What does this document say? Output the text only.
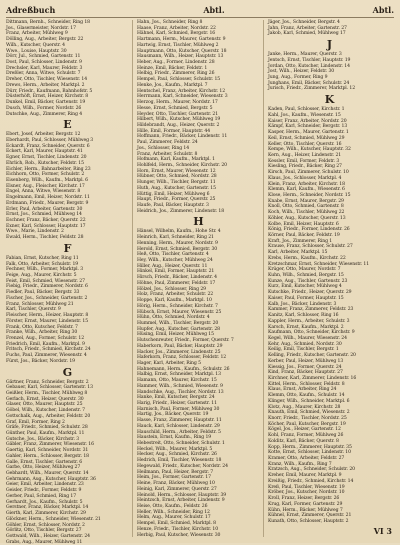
Adreßbuch	Abtl.	Abtl.
Dittmann, Bernh., Schneider, Ring 18
Jos., Glasermeister, Nordstr. 17
Franz, Arbeiter, Mühlweg 9
Dölling, Aug., Arbeiter, Bergstr. 22
Wilh., Kutscher, Querstr. 4
Wwe., Louise, Hauptstr. 30
Dörr, Jul., Schmied, Gartenstr. 11
Dost, Paul, Schlosser, Lindenstr. 9
Drechsler, Karl, Maurer, Feldstr. 3
Dreßler, Anna, Witwe, Schulstr. 7
Dreher, Otto, Tischler, Wiesenstr. 14
Drews, Herm., Arbeiter, Marktpl. 2
Dürr, Friedr., Kaufmann, Bahnhofstr. 5
Düsterhöft, Ernst, Heizer, Kirchstr. 8
Dunkel, Emil, Bäcker, Gartenstr. 19
Dusch, Wilh., Former, Nordstr. 26
Dutschke, Aug., Zimmerer, Ring 4
E
Ebert, Josef, Arbeiter, Bergstr. 12
Eberhardt, Paul, Schlosser, Mühlweg 3
Eckardt, Franz, Schneider, Querstr. 6
Eckert, Karl, Maurer, Hauptstr. 41
Egner, Ernst, Tischler, Lindenstr. 20
Ehrlich, Rob., Kutscher, Feldstr. 15
Eichler, Herm., Bahnarbeiter, Ring 23
Eichhorn, Otto, Former, Schulstr. 2
Eisenberg, Wilh., Kaufm., Marktpl. 6
Elsner, Aug., Fleischer, Kirchstr. 17
Engel, Anna, Witwe, Wiesenstr. 8
Engelmann, Emil, Heizer, Nordstr. 11
Erdmann, Friedr., Maurer, Bergstr. 9
Erler, Paul, Arbeiter, Gartenstr. 30
Ernst, Jos., Schmied, Mühlweg 14
Eschner, Franz, Bäcker, Querstr. 22
Exner, Karl, Schlosser, Hauptstr. 17
Wwe., Marie, Lindenstr. 2
Ewald, Herm., Tischler, Feldstr. 28
F
Fabian, Ernst, Kutscher, Ring 11
Falk, Otto, Arbeiter, Schulstr. 19
Fechner, Wilh., Former, Marktpl. 3
Feige, Aug., Maurer, Kirchstr. 5
Feist, Emil, Schmied, Wiesenstr. 27
Fiebig, Friedr., Zimmerer, Nordstr. 6
Fiedler, Paul, Bäcker, Bergstr. 33
Fischer, Jos., Schneider, Gartenstr. 2
Franz, Schlosser, Mühlweg 21
Karl, Tischler, Querstr. 9
Fleischer, Herm., Heizer, Hauptstr. 8
Förster, Ernst, Maurer, Lindenstr. 15
Frank, Otto, Kutscher, Feldstr. 7
Franke, Wilh., Arbeiter, Ring 30
Frenzel, Aug., Former, Schulstr. 12
Friedrich, Emil, Kaufm., Marktpl. 9
Fritsch, Friedr., Schmied, Kirchstr. 24
Fuchs, Paul, Zimmerer, Wiesenstr. 4
Fürst, Jos., Bäcker, Nordstr. 19
G
Gärtner, Franz, Schneider, Bergstr. 2
Gebauer, Karl, Schlosser, Gartenstr. 13
Geißler, Herm., Tischler, Mühlweg 8
Gerlach, Ernst, Heizer, Querstr. 30
Glaser, Otto, Maurer, Hauptstr. 25
Göbel, Wilh., Kutscher, Lindenstr. 7
Gottschalk, Aug., Arbeiter, Feldstr. 20
Graf, Emil, Former, Ring 2
Gräfe, Friedr., Schmied, Schulstr. 28
Günther, Paul, Kaufm., Marktpl. 11
Gutsche, Jos., Bäcker, Kirchstr. 3
Gäbler, Franz, Zimmerer, Wiesenstr. 16
Gaertig, Karl, Schneider, Nordstr. 31
Gahler, Herm., Schlosser, Bergstr. 18
Galle, Ernst, Tischler, Gartenstr. 6
Garbe, Otto, Heizer, Mühlweg 27
Gebhardt, Wilh., Maurer, Querstr. 14
Gehrmann, Aug., Kutscher, Hauptstr. 36
Geier, Emil, Arbeiter, Lindenstr. 23
Geisler, Friedr., Former, Feldstr. 9
Gerber, Paul, Schmied, Ring 17
Gerhardt, Jos., Kaufm., Schulstr. 5
Gerstner, Franz, Bäcker, Marktpl. 14
Gierth, Karl, Zimmerer, Kirchstr. 29
Glöckner, Herm., Schneider, Wiesenstr. 21
Göhler, Ernst, Schlosser, Nordstr. 2
Görlitz, Otto, Tischler, Bergstr. 27
Gottwald, Wilh., Heizer, Gartenstr. 24
Grabs, Aug., Maurer, Mühlweg 11
Hahn, Jos., Schneider, Ring 8
Haase, Franz, Arbeiter, Nordstr. 22
Hähnel, Karl, Schmied, Bergstr. 16
Hartmann, Herm., Maurer, Gartenstr. 9
Hartwig, Ernst, Tischler, Mühlweg 2
Hauptmann, Otto, Kutscher, Querstr. 18
Hausmann, Wilh., Heizer, Hauptstr. 13
Heber, Aug., Former, Lindenstr. 28
Heinze, Emil, Bäcker, Feldstr. 1
Helbig, Friedr., Zimmerer, Ring 26
Hempel, Paul, Schlosser, Schulstr. 15
Henke, Jos., Kaufm., Marktpl. 7
Hentschel, Franz, Arbeiter, Kirchstr. 12
Herrmann, Karl, Schneider, Wiesenstr. 3
Herzog, Herm., Maurer, Nordstr. 17
Hesse, Ernst, Schmied, Bergstr. 5
Heyder, Otto, Tischler, Gartenstr. 21
Hilbert, Wilh., Kutscher, Mühlweg 19
Hildebrandt, Aug., Heizer, Querstr. 2
Hille, Emil, Former, Hauptstr. 44
Hoffmann, Friedr., Bäcker, Lindenstr. 11
Paul, Zimmerer, Feldstr. 24
Jos., Schlosser, Ring 14
Franz, Arbeiter, Schulstr. 8
Hofmann, Karl, Kaufm., Marktpl. 1
Hohlfeld, Herm., Schneider, Kirchstr. 20
Horn, Ernst, Maurer, Wiesenstr. 12
Hübner, Otto, Schmied, Nordstr. 28
Hunger, Wilh., Tischler, Bergstr. 11
Huth, Aug., Kutscher, Gartenstr. 15
Hüttig, Emil, Heizer, Mühlweg 6
Haupt, Friedr., Former, Querstr. 25
Haufe, Paul, Bäcker, Hauptstr. 3
Heidrich, Jos., Zimmerer, Lindenstr. 18
H
Hänsel, Wilhelm, Kaufm., Hohe Str. 4
Heinrich, Karl, Schneider, Ring 21
Henning, Herm., Maurer, Nordstr. 9
Herold, Ernst, Schmied, Bergstr. 30
Heß, Otto, Tischler, Gartenstr. 4
Hey, Wilh., Kutscher, Mühlweg 24
Hiller, Aug., Heizer, Querstr. 11
Hinkel, Emil, Former, Hauptstr. 21
Hirsch, Friedr., Bäcker, Lindenstr. 4
Höhne, Paul, Zimmerer, Feldstr. 17
Hölzel, Jos., Schlosser, Ring 29
Holz, Franz, Arbeiter, Schulstr. 22
Hoppe, Karl, Kaufm., Marktpl. 10
Hörig, Herm., Schneider, Kirchstr. 7
Hübsch, Ernst, Maurer, Wiesenstr. 25
Hühn, Otto, Schmied, Nordstr. 4
Hummel, Wilh., Tischler, Bergstr. 20
Hupfer, Aug., Kutscher, Gartenstr. 28
Hüsing, Emil, Heizer, Mühlweg 15
Hutschenreuter, Friedr., Former, Querstr. 7
Haberkorn, Paul, Bäcker, Hauptstr. 29
Hacker, Jos., Zimmerer, Lindenstr. 25
Haferkorn, Franz, Schlosser, Feldstr. 12
Hager, Karl, Arbeiter, Ring 5
Hahnemann, Herm., Kaufm., Schulstr. 26
Halbig, Ernst, Schneider, Marktpl. 13
Hamann, Otto, Maurer, Kirchstr. 15
Hammer, Wilh., Schmied, Wiesenstr. 9
Handschke, Aug., Tischler, Nordstr. 13
Hanke, Emil, Kutscher, Bergstr. 24
Harig, Friedr., Heizer, Gartenstr. 11
Harnisch, Paul, Former, Mühlweg 30
Hartig, Jos., Bäcker, Querstr. 19
Hasse, Franz, Zimmerer, Hauptstr. 11
Hauck, Karl, Schlosser, Lindenstr. 29
Hauschild, Herm., Arbeiter, Feldstr. 5
Haustein, Ernst, Kaufm., Ring 19
Hebestreit, Otto, Schneider, Schulstr. 1
Heckel, Wilh., Maurer, Marktpl. 5
Hecker, Aug., Schmied, Kirchstr. 26
Hedrich, Emil, Tischler, Wiesenstr. 18
Hegewald, Friedr., Kutscher, Nordstr. 24
Heilmann, Paul, Heizer, Bergstr. 7
Heim, Jos., Former, Gartenstr. 17
Heine, Franz, Bäcker, Mühlweg 10
Heinig, Karl, Zimmerer, Querstr. 27
Heinold, Herm., Schlosser, Hauptstr. 39
Heintzsch, Ernst, Arbeiter, Lindenstr. 9
Heise, Otto, Kaufm., Feldstr. 26
Heller, Wilh., Schneider, Ring 12
Helm, Aug., Maurer, Schulstr. 17
Hempel, Emil, Schmied, Marktpl. 8
Henze, Friedr., Tischler, Kirchstr. 10
Herbig, Paul, Kutscher, Wiesenstr. 30
Jäger, Jos., Schneider, Bergstr. 4
Jahn, Franz, Arbeiter, Gartenstr. 27
Jakob, Karl, Schmied, Mühlweg 17
J
Janke, Herm., Maurer, Querstr. 3
Jentsch, Ernst, Tischler, Hauptstr. 19
Jordan, Otto, Kutscher, Lindenstr. 14
Jost, Wilh., Heizer, Feldstr. 30
Jung, Aug., Former, Ring 9
Junghans, Emil, Bäcker, Schulstr. 24
Jurisch, Friedr., Zimmerer, Marktpl. 12
K
Kaden, Paul, Schlosser, Kirchstr. 1
Kahl, Jos., Kaufm., Wiesenstr. 15
Kaiser, Franz, Arbeiter, Nordstr. 20
Kämpf, Karl, Schneider, Bergstr. 13
Kasper, Herm., Maurer, Gartenstr. 1
Keil, Ernst, Schmied, Mühlweg 29
Keller, Otto, Tischler, Querstr. 16
Kempe, Wilh., Kutscher, Hauptstr. 32
Kern, Aug., Heizer, Lindenstr. 21
Kessler, Emil, Former, Feldstr. 3
Kiesling, Friedr., Bäcker, Ring 27
Kirsch, Paul, Zimmerer, Schulstr. 10
Klaus, Jos., Schlosser, Marktpl. 4
Klein, Franz, Arbeiter, Kirchstr. 18
Klemm, Karl, Kaufm., Wiesenstr. 6
Klose, Herm., Schneider, Nordstr. 15
Knabe, Ernst, Maurer, Bergstr. 29
Knoll, Otto, Schmied, Gartenstr. 8
Koch, Wilh., Tischler, Mühlweg 22
Köhler, Aug., Kutscher, Querstr. 13
Kolbe, Emil, Heizer, Hauptstr. 6
König, Friedr., Former, Lindenstr. 26
Körner, Paul, Bäcker, Feldstr. 19
Kraft, Jos., Zimmerer, Ring 1
Krause, Franz, Schlosser, Schulstr. 27
Karl, Arbeiter, Marktpl. 15
Krebs, Herm., Kaufm., Kirchstr. 22
Kretzschmar, Ernst, Schneider, Wiesenstr. 11
Krüger, Otto, Maurer, Nordstr. 7
Kuhn, Wilh., Schmied, Bergstr. 15
Kunze, Aug., Tischler, Gartenstr. 23
Kurz, Emil, Kutscher, Mühlweg 4
Kutschke, Friedr., Heizer, Querstr. 29
Kaiser, Paul, Former, Hauptstr. 15
Kalb, Jos., Bäcker, Lindenstr. 3
Kammer, Franz, Zimmerer, Feldstr. 23
Kanitz, Karl, Schlosser, Ring 16
Kappler, Herm., Arbeiter, Schulstr. 3
Karsch, Ernst, Kaufm., Marktpl. 2
Kaufmann, Otto, Schneider, Kirchstr. 9
Kegel, Wilh., Maurer, Wiesenstr. 24
Kehr, Aug., Schmied, Nordstr. 30
Keilig, Emil, Tischler, Bergstr. 1
Kelling, Friedr., Kutscher, Gartenstr. 20
Kerber, Paul, Heizer, Mühlweg 13
Kiessig, Jos., Former, Querstr. 24
Kind, Franz, Bäcker, Hauptstr. 27
Kirchner, Karl, Zimmerer, Lindenstr. 16
Kittel, Herm., Schlosser, Feldstr. 8
Klaus, Ernst, Arbeiter, Ring 24
Klemm, Otto, Kaufm., Schulstr. 14
Klinger, Wilh., Schneider, Marktpl. 6
Klotz, Aug., Maurer, Kirchstr. 28
Knauth, Emil, Schmied, Wiesenstr. 2
Knorr, Friedr., Tischler, Nordstr. 25
Köcher, Paul, Kutscher, Bergstr. 19
Kögel, Jos., Heizer, Gartenstr. 12
Kohl, Franz, Former, Mühlweg 26
Kolditz, Karl, Bäcker, Querstr. 8
Kopp, Herm., Zimmerer, Hauptstr. 35
Kotte, Ernst, Schlosser, Lindenstr. 10
Kramer, Otto, Arbeiter, Feldstr. 27
Kranz, Wilh., Kaufm., Ring 7
Kratzsch, Aug., Schneider, Schulstr. 20
Kreher, Emil, Maurer, Marktpl. 9
Kreißig, Friedr., Schmied, Kirchstr. 14
Kreß, Paul, Tischler, Wiesenstr. 19
Kröber, Jos., Kutscher, Nordstr. 10
Kroll, Franz, Heizer, Bergstr. 26
Krug, Karl, Former, Gartenstr. 29
Kühn, Herm., Bäcker, Mühlweg 7
Kühnel, Ernst, Zimmerer, Querstr. 21
Kunath, Otto, Schlosser, Hauptstr. 2
VI 3
